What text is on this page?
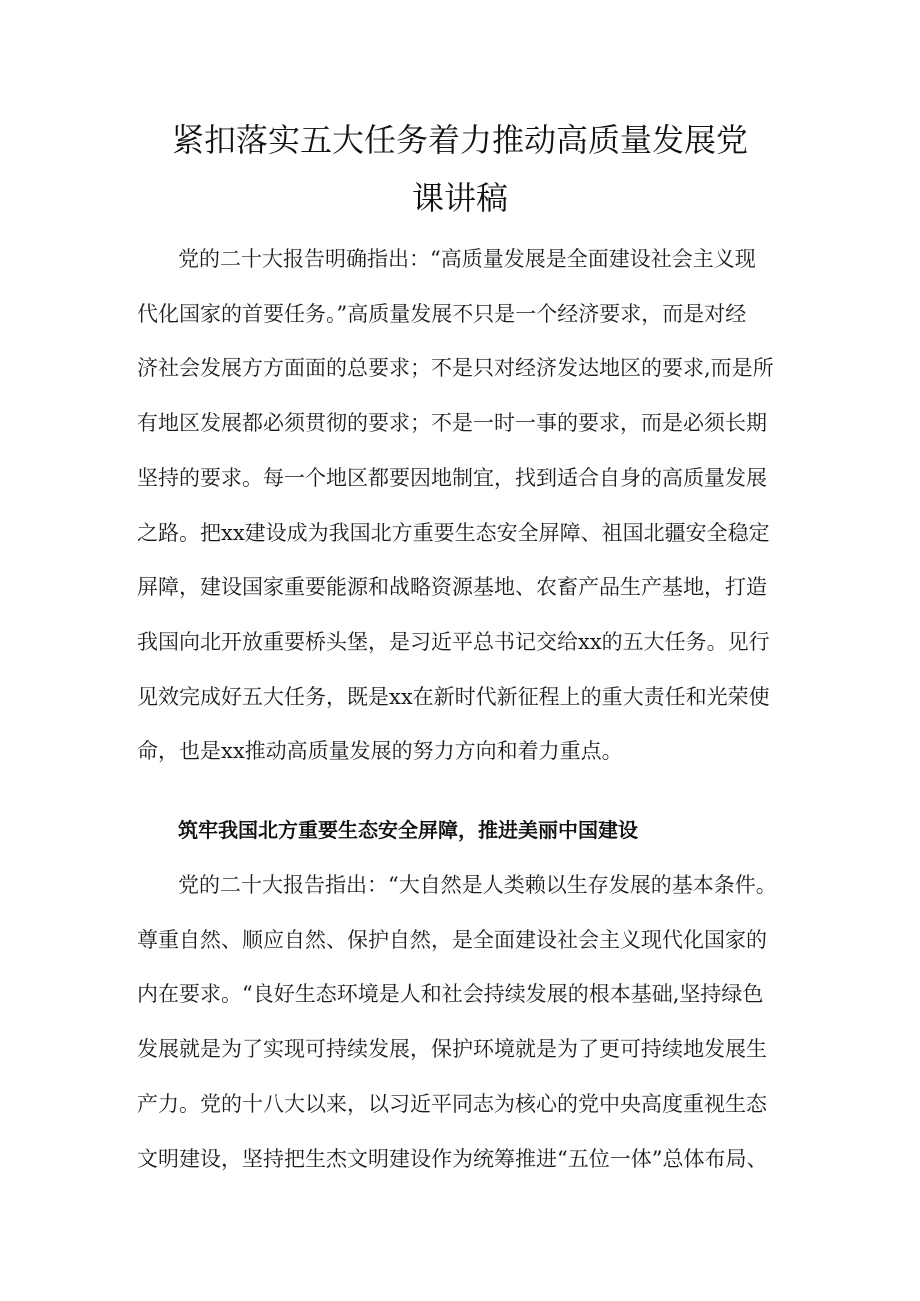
紧扣落实五大任务着力推动高质量发展党
课讲稿
党的二十大报告明确指出：“高质量发展是全面建设社会主义现
代化国家的首要任务。”高质量发展不只是一个经济要求，而是对经
济社会发展方方面面的总要求；不是只对经济发达地区的要求,而是所
有地区发展都必须贯彻的要求；不是一时一事的要求，而是必须长期
坚持的要求。每一个地区都要因地制宜，找到适合自身的高质量发展
之路。把xx建设成为我国北方重要生态安全屏障、祖国北疆安全稳定
屏障，建设国家重要能源和战略资源基地、农畜产品生产基地，打造
我国向北开放重要桥头堡，是习近平总书记交给xx的五大任务。见行
见效完成好五大任务，既是xx在新时代新征程上的重大责任和光荣使
命，也是xx推动高质量发展的努力方向和着力重点。
筑牢我国北方重要生态安全屏障，推进美丽中国建设
党的二十大报告指出：“大自然是人类赖以生存发展的基本条件。
尊重自然、顺应自然、保护自然，是全面建设社会主义现代化国家的
内在要求。“良好生态环境是人和社会持续发展的根本基础,坚持绿色
发展就是为了实现可持续发展，保护环境就是为了更可持续地发展生
产力。党的十八大以来，以习近平同志为核心的党中央高度重视生态
文明建设，坚持把生杰文明建设作为统筹推进“五位一体”总体布局、
